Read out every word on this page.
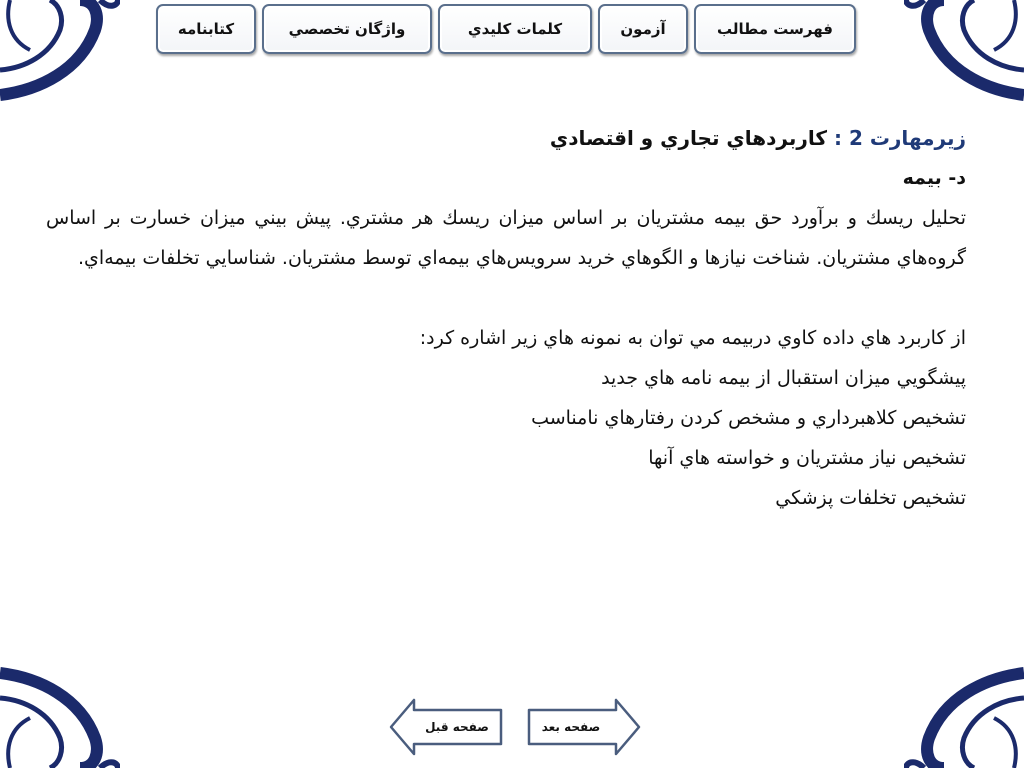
فهرست مطالب
آزمون
كلمات كليدي
واژگان تخصصي
كتابنامه

زيرمهارت 2 : كاربردهاي تجاري و اقتصادي

د- بيمه

تحليل ريسك و برآورد حق بيمه مشتريان بر اساس ميزان ريسك هر مشتري. پيش بيني ميزان خسارت بر اساس گروه‌هاي مشتريان. شناخت نيازها و الگوهاي خريد سرويس‌هاي بيمه‌اي توسط مشتريان. شناسايي تخلفات بيمه‌اي.

از كاربرد هاي داده كاوي دربيمه مي توان به نمونه هاي زير اشاره كرد:

پيشگويي ميزان استقبال از بيمه نامه هاي جديد

تشخيص كلاهبرداري و مشخص كردن رفتارهاي نامناسب

تشخيص نياز مشتريان و خواسته هاي آنها

تشخيص تخلفات پزشكي

صفحه قبل	صفحه بعد
